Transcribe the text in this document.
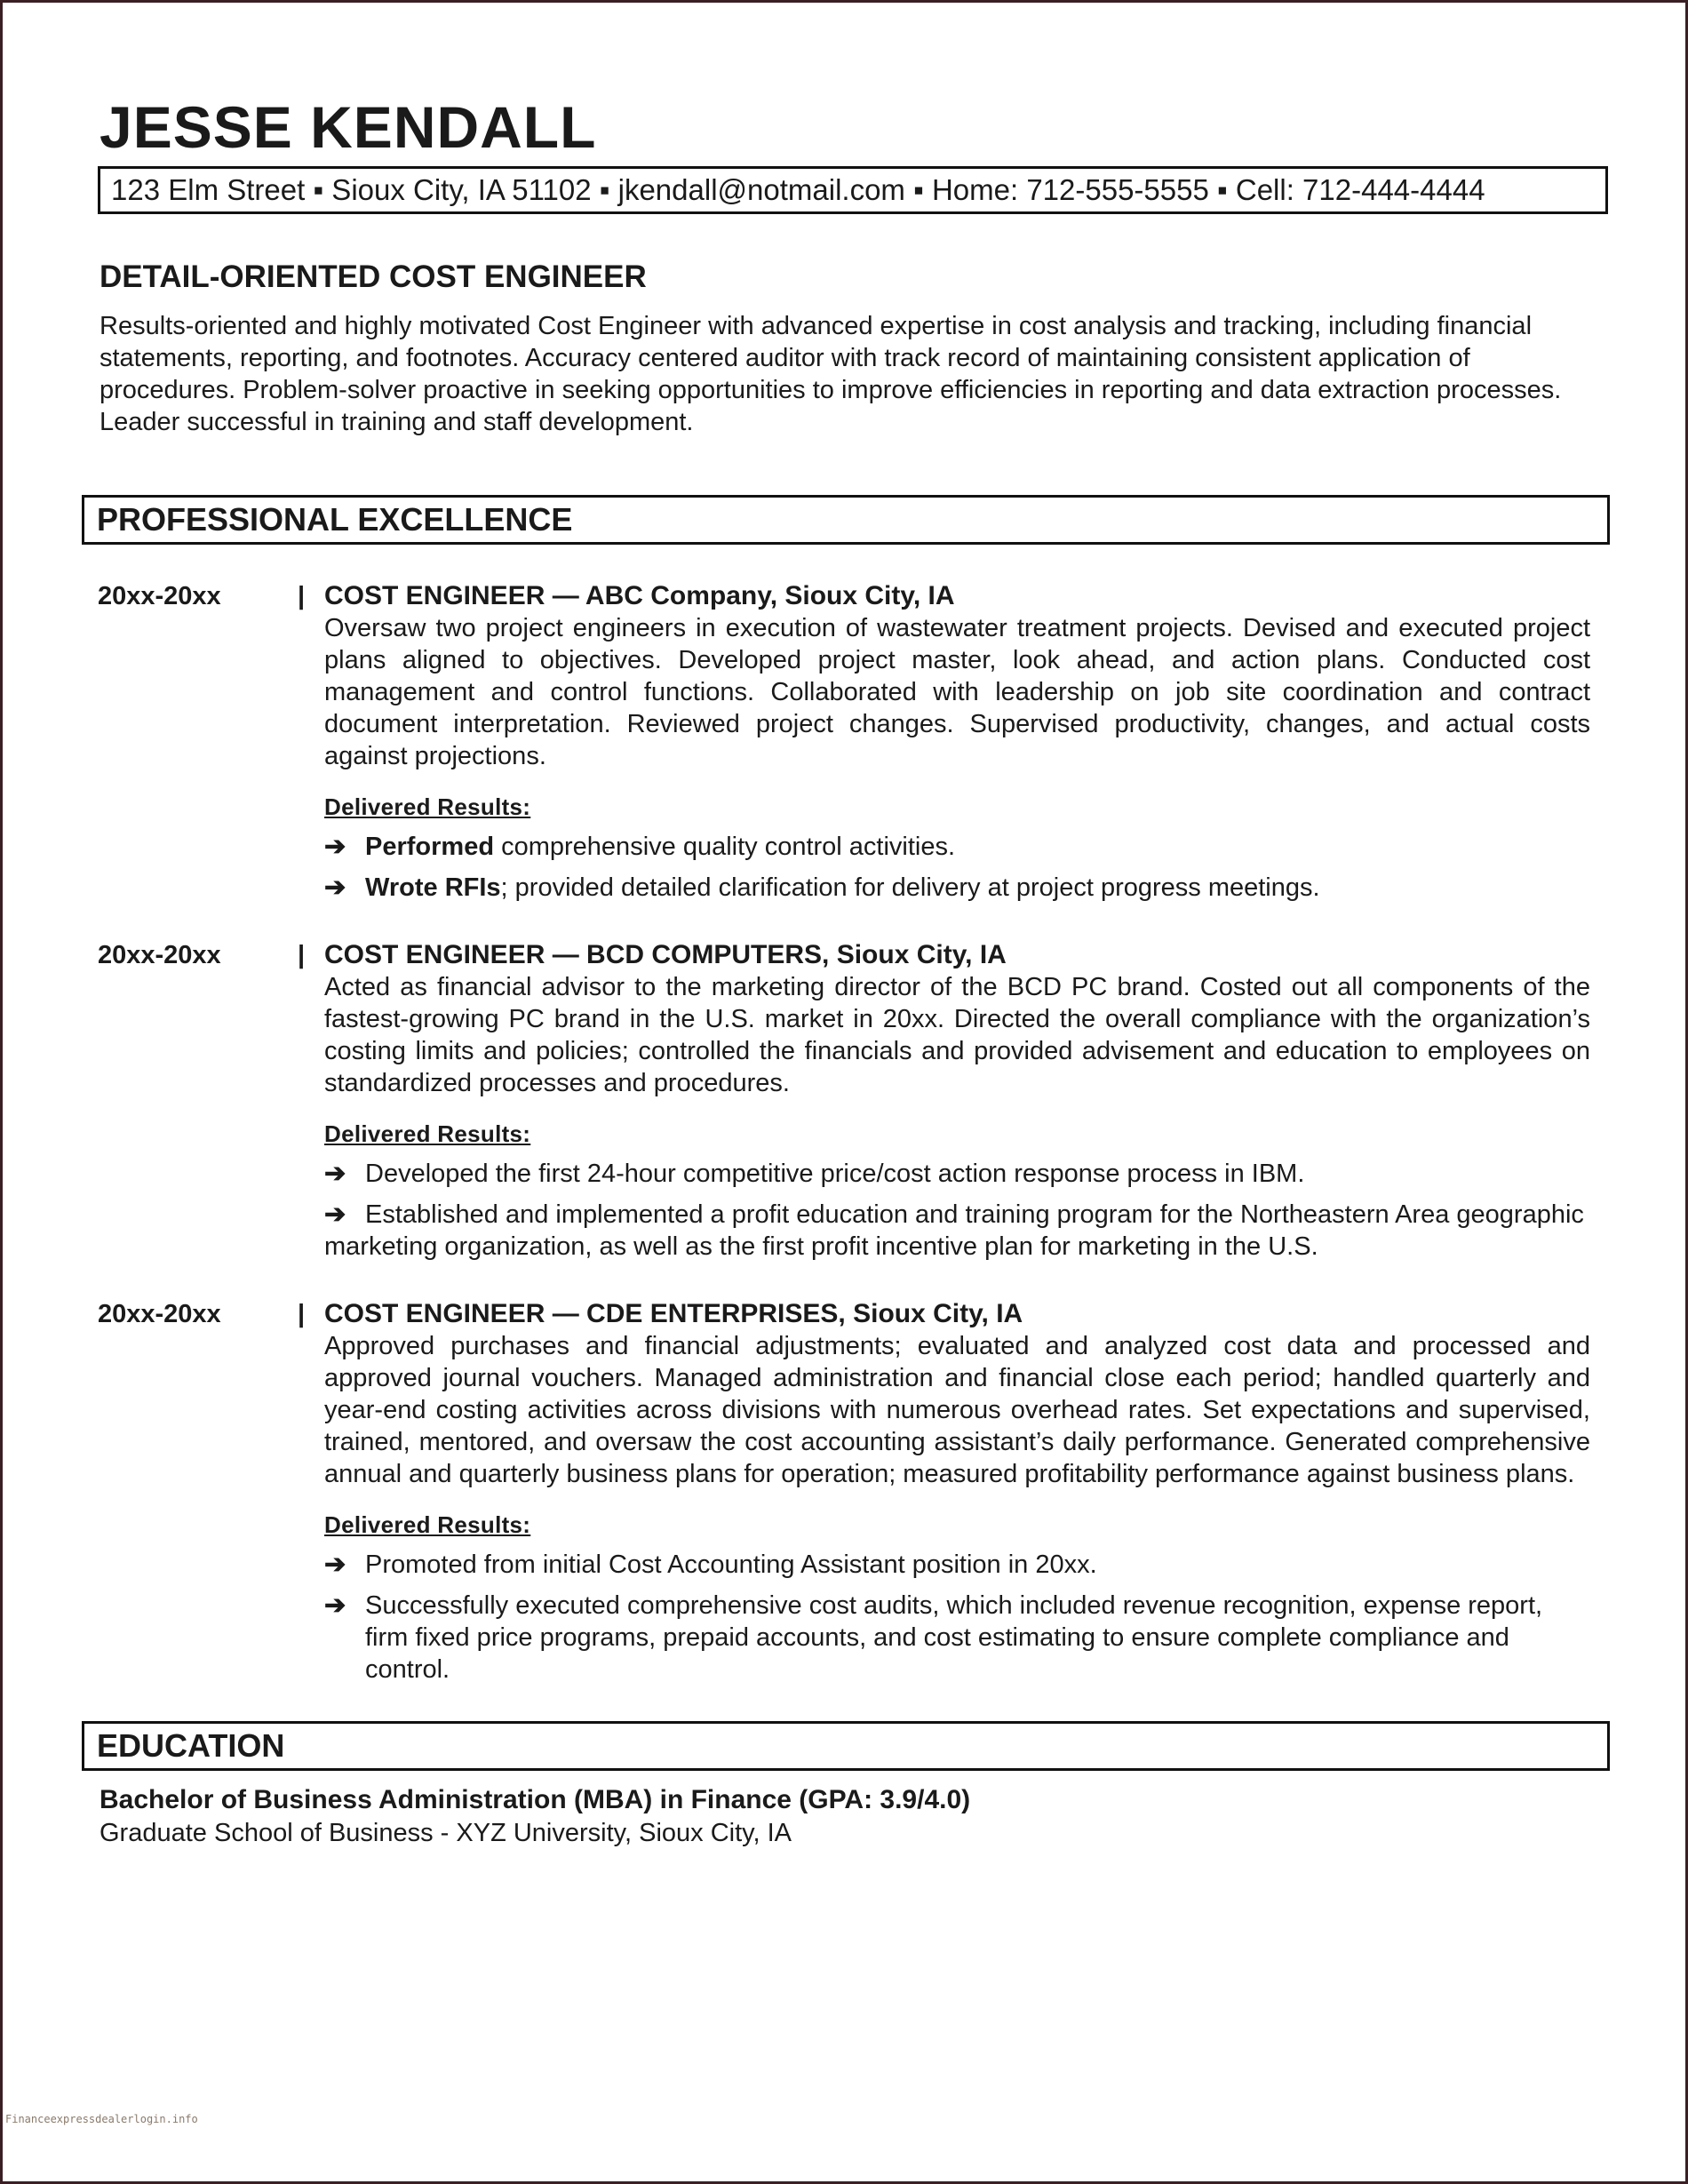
JESSE KENDALL
123 Elm Street ▪ Sioux City, IA 51102 ▪ jkendall@notmail.com ▪ Home: 712-555-5555 ▪ Cell: 712-444-4444
DETAIL-ORIENTED COST ENGINEER
Results-oriented and highly motivated Cost Engineer with advanced expertise in cost analysis and tracking, including financial statements, reporting, and footnotes. Accuracy centered auditor with track record of maintaining consistent application of procedures. Problem-solver proactive in seeking opportunities to improve efficiencies in reporting and data extraction processes. Leader successful in training and staff development.
PROFESSIONAL EXCELLENCE
20xx-20xx	| COST ENGINEER — ABC Company, Sioux City, IA
Oversaw two project engineers in execution of wastewater treatment projects. Devised and executed project plans aligned to objectives. Developed project master, look ahead, and action plans. Conducted cost management and control functions. Collaborated with leadership on job site coordination and contract document interpretation. Reviewed project changes. Supervised productivity, changes, and actual costs against projections.
Delivered Results:
➔ Performed comprehensive quality control activities.
➔ Wrote RFIs; provided detailed clarification for delivery at project progress meetings.
20xx-20xx	| COST ENGINEER — BCD COMPUTERS, Sioux City, IA
Acted as financial advisor to the marketing director of the BCD PC brand. Costed out all components of the fastest-growing PC brand in the U.S. market in 20xx. Directed the overall compliance with the organization’s costing limits and policies; controlled the financials and provided advisement and education to employees on standardized processes and procedures.
Delivered Results:
➔ Developed the first 24-hour competitive price/cost action response process in IBM.
➔ Established and implemented a profit education and training program for the Northeastern Area geographic marketing organization, as well as the first profit incentive plan for marketing in the U.S.
20xx-20xx	| COST ENGINEER — CDE ENTERPRISES, Sioux City, IA
Approved purchases and financial adjustments; evaluated and analyzed cost data and processed and approved journal vouchers. Managed administration and financial close each period; handled quarterly and year-end costing activities across divisions with numerous overhead rates. Set expectations and supervised, trained, mentored, and oversaw the cost accounting assistant’s daily performance. Generated comprehensive annual and quarterly business plans for operation; measured profitability performance against business plans.
Delivered Results:
➔ Promoted from initial Cost Accounting Assistant position in 20xx.
➔ Successfully executed comprehensive cost audits, which included revenue recognition, expense report, firm fixed price programs, prepaid accounts, and cost estimating to ensure complete compliance and control.
EDUCATION
Bachelor of Business Administration (MBA) in Finance (GPA: 3.9/4.0)
Graduate School of Business - XYZ University, Sioux City, IA
Financeexpressdealerlogin.info
